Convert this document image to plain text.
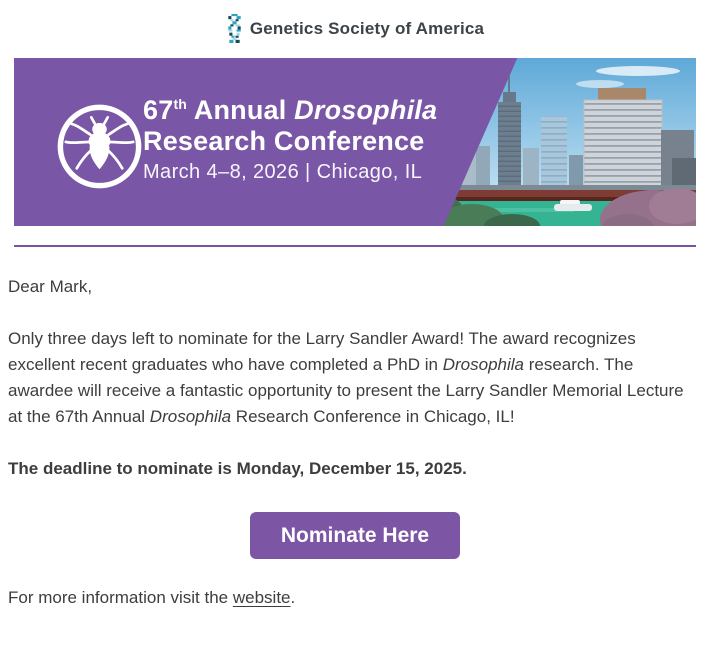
Genetics Society of America
67th Annual Drosophila
Research Conference
March 4–8, 2026 | Chicago, IL

Dear Mark,

Only three days left to nominate for the Larry Sandler Award! The award recognizes excellent recent graduates who have completed a PhD in Drosophila research. The awardee will receive a fantastic opportunity to present the Larry Sandler Memorial Lecture at the 67th Annual Drosophila Research Conference in Chicago, IL!

The deadline to nominate is Monday, December 15, 2025.

Nominate Here

For more information visit the website.
